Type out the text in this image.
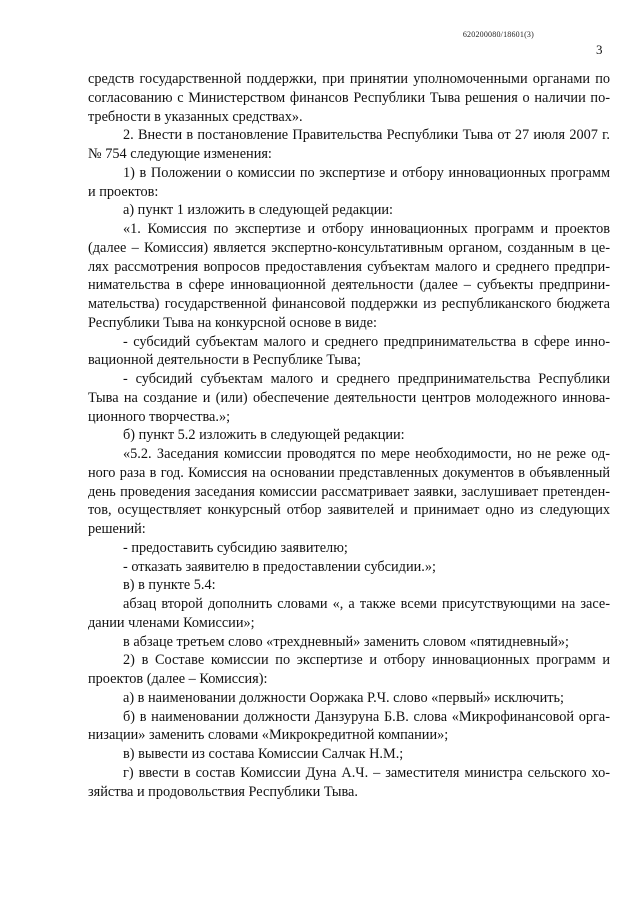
620200080/18601(3)
3
средств государственной поддержки, при принятии уполномоченными органами по
согласованию с Министерством финансов Республики Тыва решения о наличии по-
требности в указанных средствах».
2. Внести в постановление Правительства Республики Тыва от 27 июля 2007 г.
№ 754 следующие изменения:
1) в Положении о комиссии по экспертизе и отбору инновационных программ
и проектов:
а) пункт 1 изложить в следующей редакции:
«1. Комиссия по экспертизе и отбору инновационных программ и проектов
(далее – Комиссия) является экспертно-консультативным органом, созданным в це-
лях рассмотрения вопросов предоставления субъектам малого и среднего предпри-
нимательства в сфере инновационной деятельности (далее – субъекты предприни-
мательства) государственной финансовой поддержки из республиканского бюджета
Республики Тыва на конкурсной основе в виде:
- субсидий субъектам малого и среднего предпринимательства в сфере инно-
вационной деятельности в Республике Тыва;
- субсидий субъектам малого и среднего предпринимательства Республики
Тыва на создание и (или) обеспечение деятельности центров молодежного иннова-
ционного творчества.»;
б) пункт 5.2 изложить в следующей редакции:
«5.2. Заседания комиссии проводятся по мере необходимости, но не реже од-
ного раза в год. Комиссия на основании представленных документов в объявленный
день проведения заседания комиссии рассматривает заявки, заслушивает претенден-
тов, осуществляет конкурсный отбор заявителей и принимает одно из следующих
решений:
- предоставить субсидию заявителю;
- отказать заявителю в предоставлении субсидии.»;
в) в пункте 5.4:
абзац второй дополнить словами «, а также всеми присутствующими на засе-
дании членами Комиссии»;
в абзаце третьем слово «трехдневный» заменить словом «пятидневный»;
2) в Составе комиссии по экспертизе и отбору инновационных программ и
проектов (далее – Комиссия):
а) в наименовании должности Ооржака Р.Ч. слово «первый» исключить;
б) в наименовании должности Данзуруна Б.В. слова «Микрофинансовой орга-
низации» заменить словами «Микрокредитной компании»;
в) вывести из состава Комиссии Салчак Н.М.;
г) ввести в состав Комиссии Дуна А.Ч. – заместителя министра сельского хо-
зяйства и продовольствия Республики Тыва.
